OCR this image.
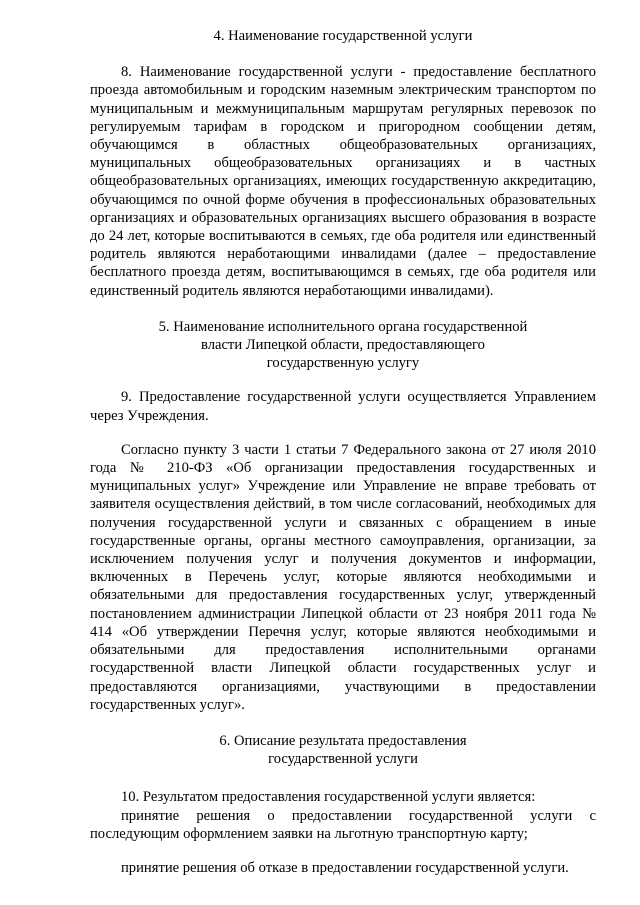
4. Наименование государственной услуги

8. Наименование государственной услуги - предоставление бесплатного проезда автомобильным и городским наземным электрическим транспортом по муниципальным и межмуниципальным маршрутам регулярных перевозок по регулируемым тарифам в городском и пригородном сообщении детям, обучающимся в областных общеобразовательных организациях, муниципальных общеобразовательных организациях и в частных общеобразовательных организациях, имеющих государственную аккредитацию, обучающимся по очной форме обучения в профессиональных образовательных организациях и образовательных организациях высшего образования в возрасте до 24 лет, которые воспитываются в семьях, где оба родителя или единственный родитель являются неработающими инвалидами (далее – предоставление бесплатного проезда детям, воспитывающимся в семьях, где оба родителя или единственный родитель являются неработающими инвалидами).

5. Наименование исполнительного органа государственной

власти Липецкой области, предоставляющего

государственную услугу

9. Предоставление государственной услуги осуществляется Управлением через Учреждения.

Согласно пункту 3 части 1 статьи 7 Федерального закона от 27 июля 2010 года № 210-ФЗ «Об организации предоставления государственных и муниципальных услуг» Учреждение или Управление не вправе требовать от заявителя осуществления действий, в том числе согласований, необходимых для получения государственной услуги и связанных с обращением в иные государственные органы, органы местного самоуправления, организации, за исключением получения услуг и получения документов и информации, включенных в Перечень услуг, которые являются необходимыми и обязательными для предоставления государственных услуг, утвержденный постановлением администрации Липецкой области от 23 ноября 2011 года № 414 «Об утверждении Перечня услуг, которые являются необходимыми и обязательными для предоставления исполнительными органами государственной власти Липецкой области государственных услуг и предоставляются организациями, участвующими в предоставлении государственных услуг».

6. Описание результата предоставления

государственной услуги

10. Результатом предоставления государственной услуги является:

принятие решения о предоставлении государственной услуги с последующим оформлением заявки на льготную транспортную карту;

принятие решения об отказе в предоставлении государственной услуги.
